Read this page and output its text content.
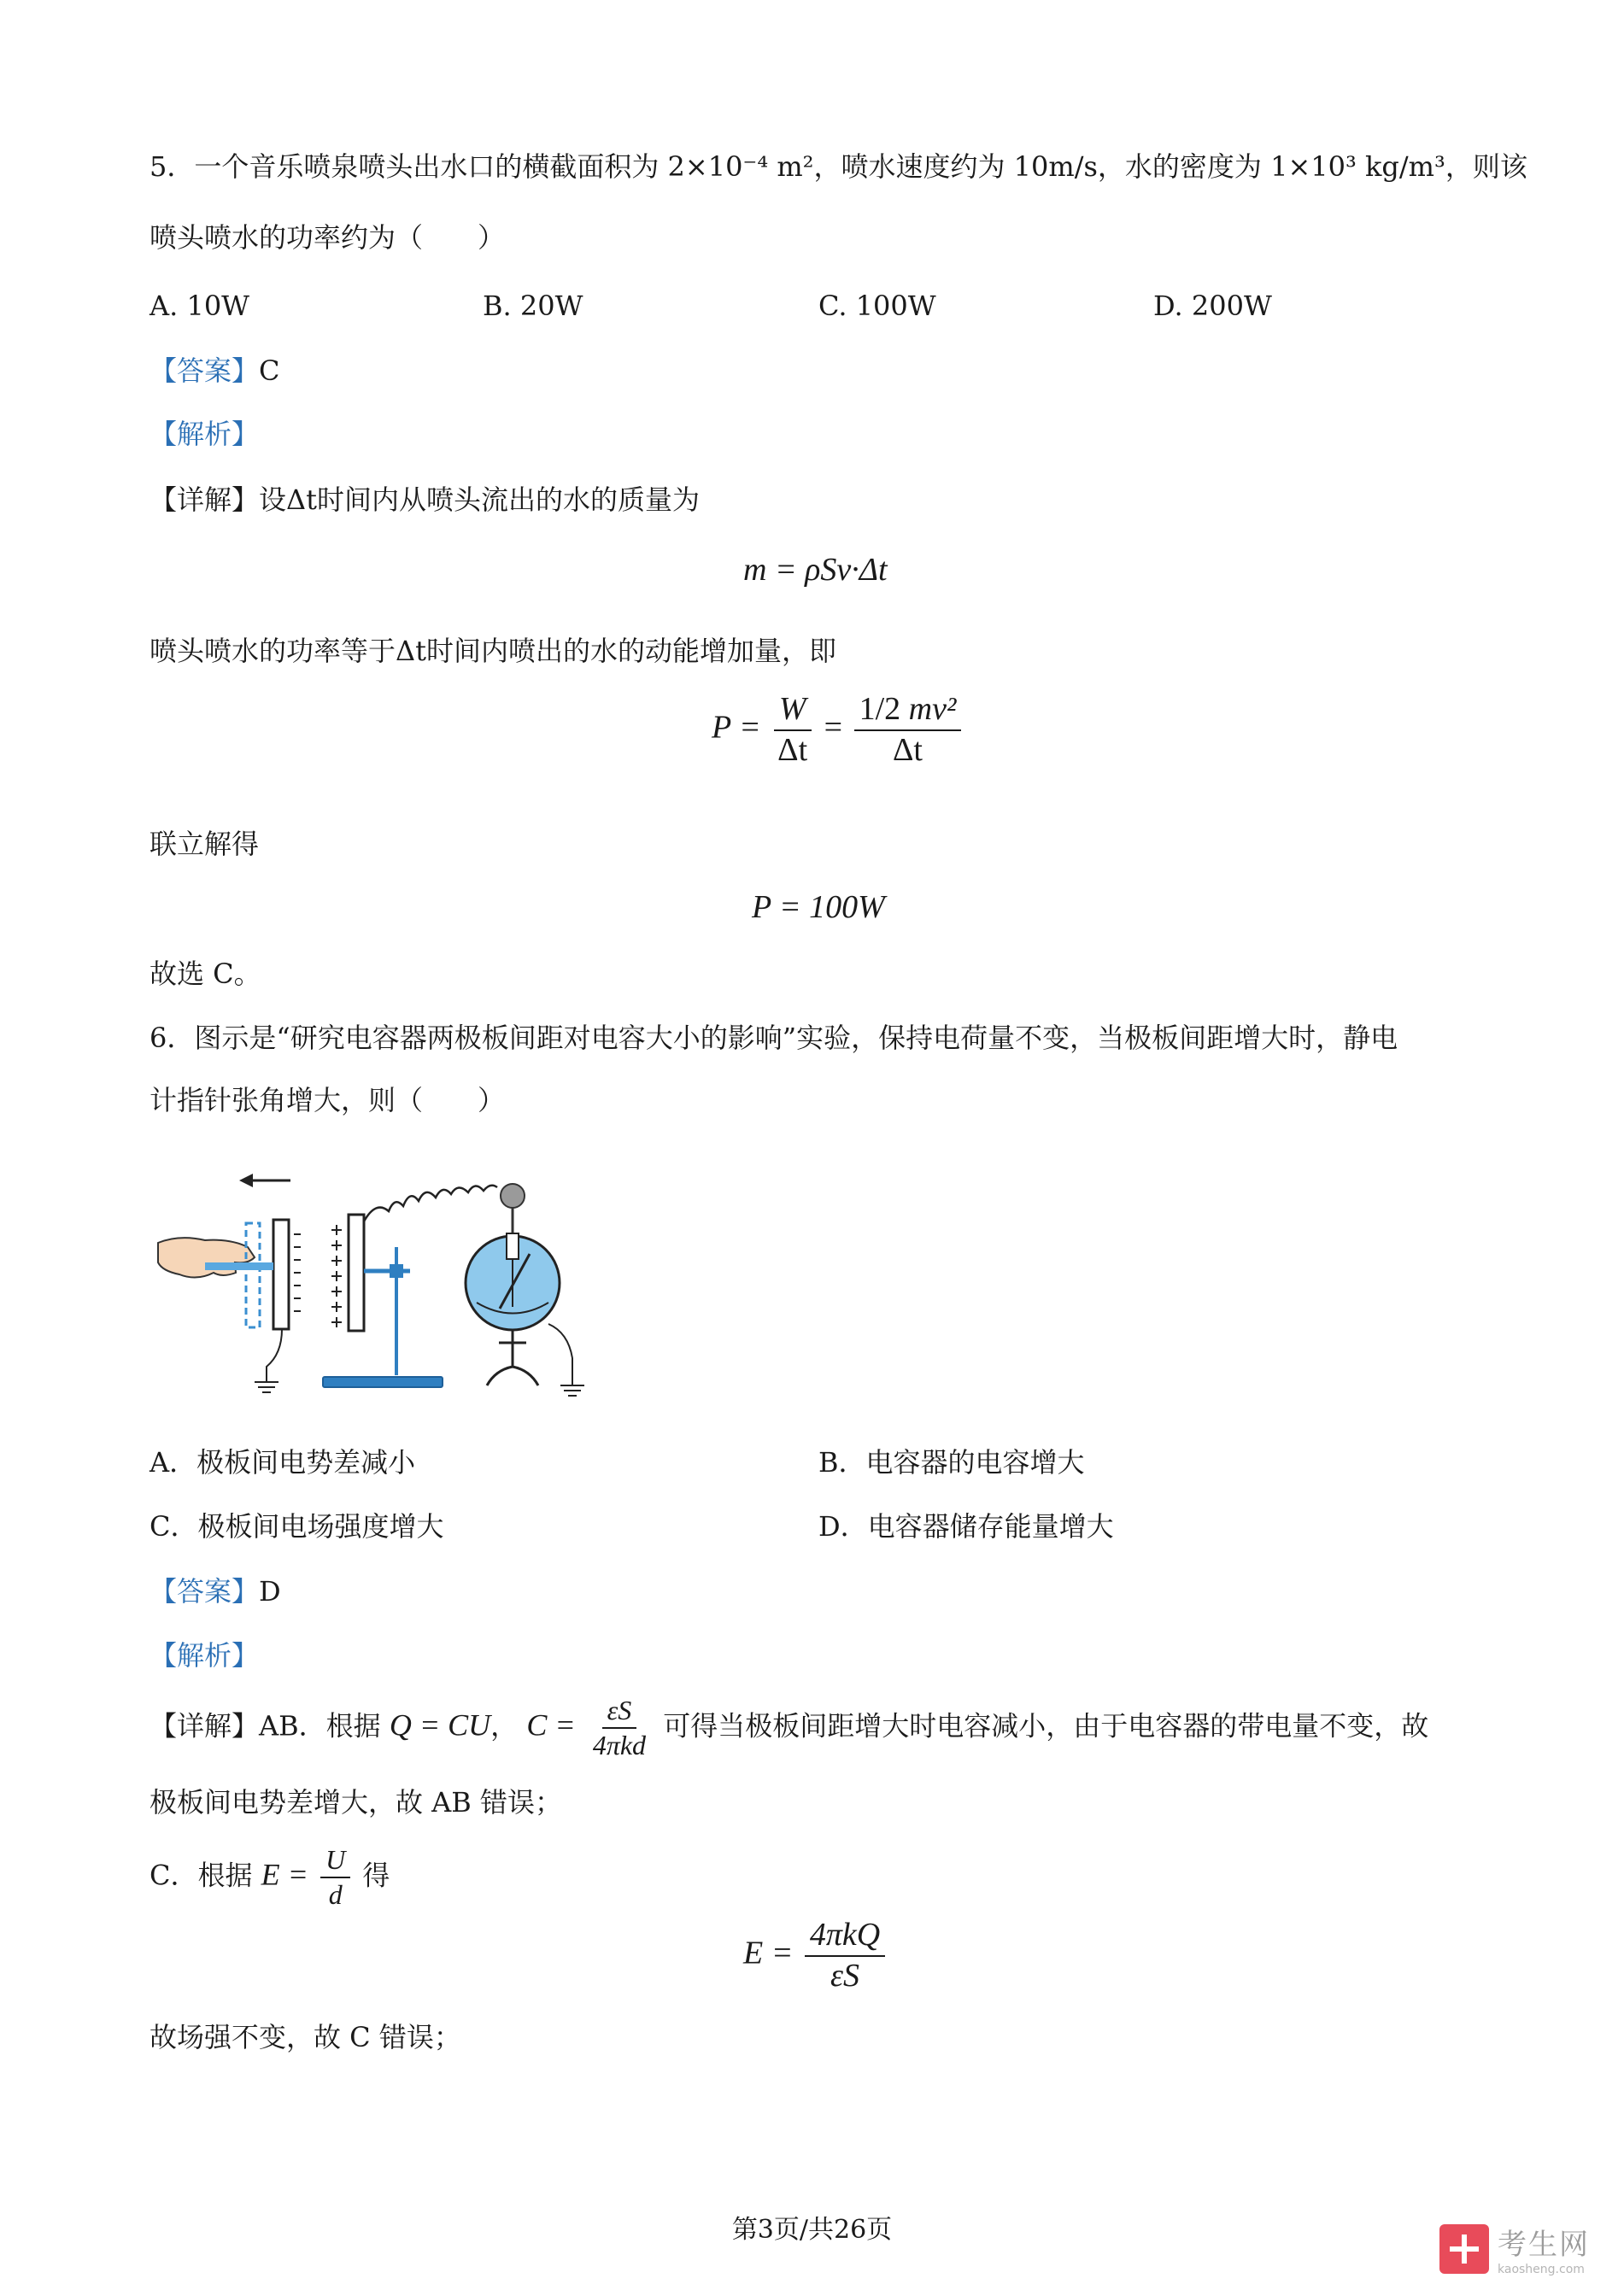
5．一个音乐喷泉喷头出水口的横截面积为 2×10⁻⁴ m²，喷水速度约为 10m/s，水的密度为 1×10³ kg/m³，则该
喷头喷水的功率约为（　　）
A. 10W	B. 20W	C. 100W	D. 200W
【答案】C
【解析】
【详解】设Δt时间内从喷头流出的水的质量为
m = ρSv·Δt
喷头喷水的功率等于Δt时间内喷出的水的动能增加量，即
$P = \frac{W}{\Delta t} = \frac{\text{1/2 mv²}}{\Delta t}$
联立解得
P = 100W
故选 C。
6．图示是“研究电容器两极板间距对电容大小的影响”实验，保持电荷量不变，当极板间距增大时，静电
计指针张角增大，则（　　）
A．极板间电势差减小	B．电容器的电容增大
C．极板间电场强度增大	D．电容器储存能量增大
【答案】D
【解析】
【详解】AB．根据 Q = CU， $C = \frac{\varepsilon S}{\text{4πkd}}$ 可得当极板间距增大时电容减小，由于电容器的带电量不变，故
极板间电势差增大，故 AB 错误；
C．根据 $E = \frac{U}{d}$ 得
$E = \frac{\text{4πkQ}}{\varepsilon S}$
故场强不变，故 C 错误；
第3页/共26页	考生网
kaosheng.com
